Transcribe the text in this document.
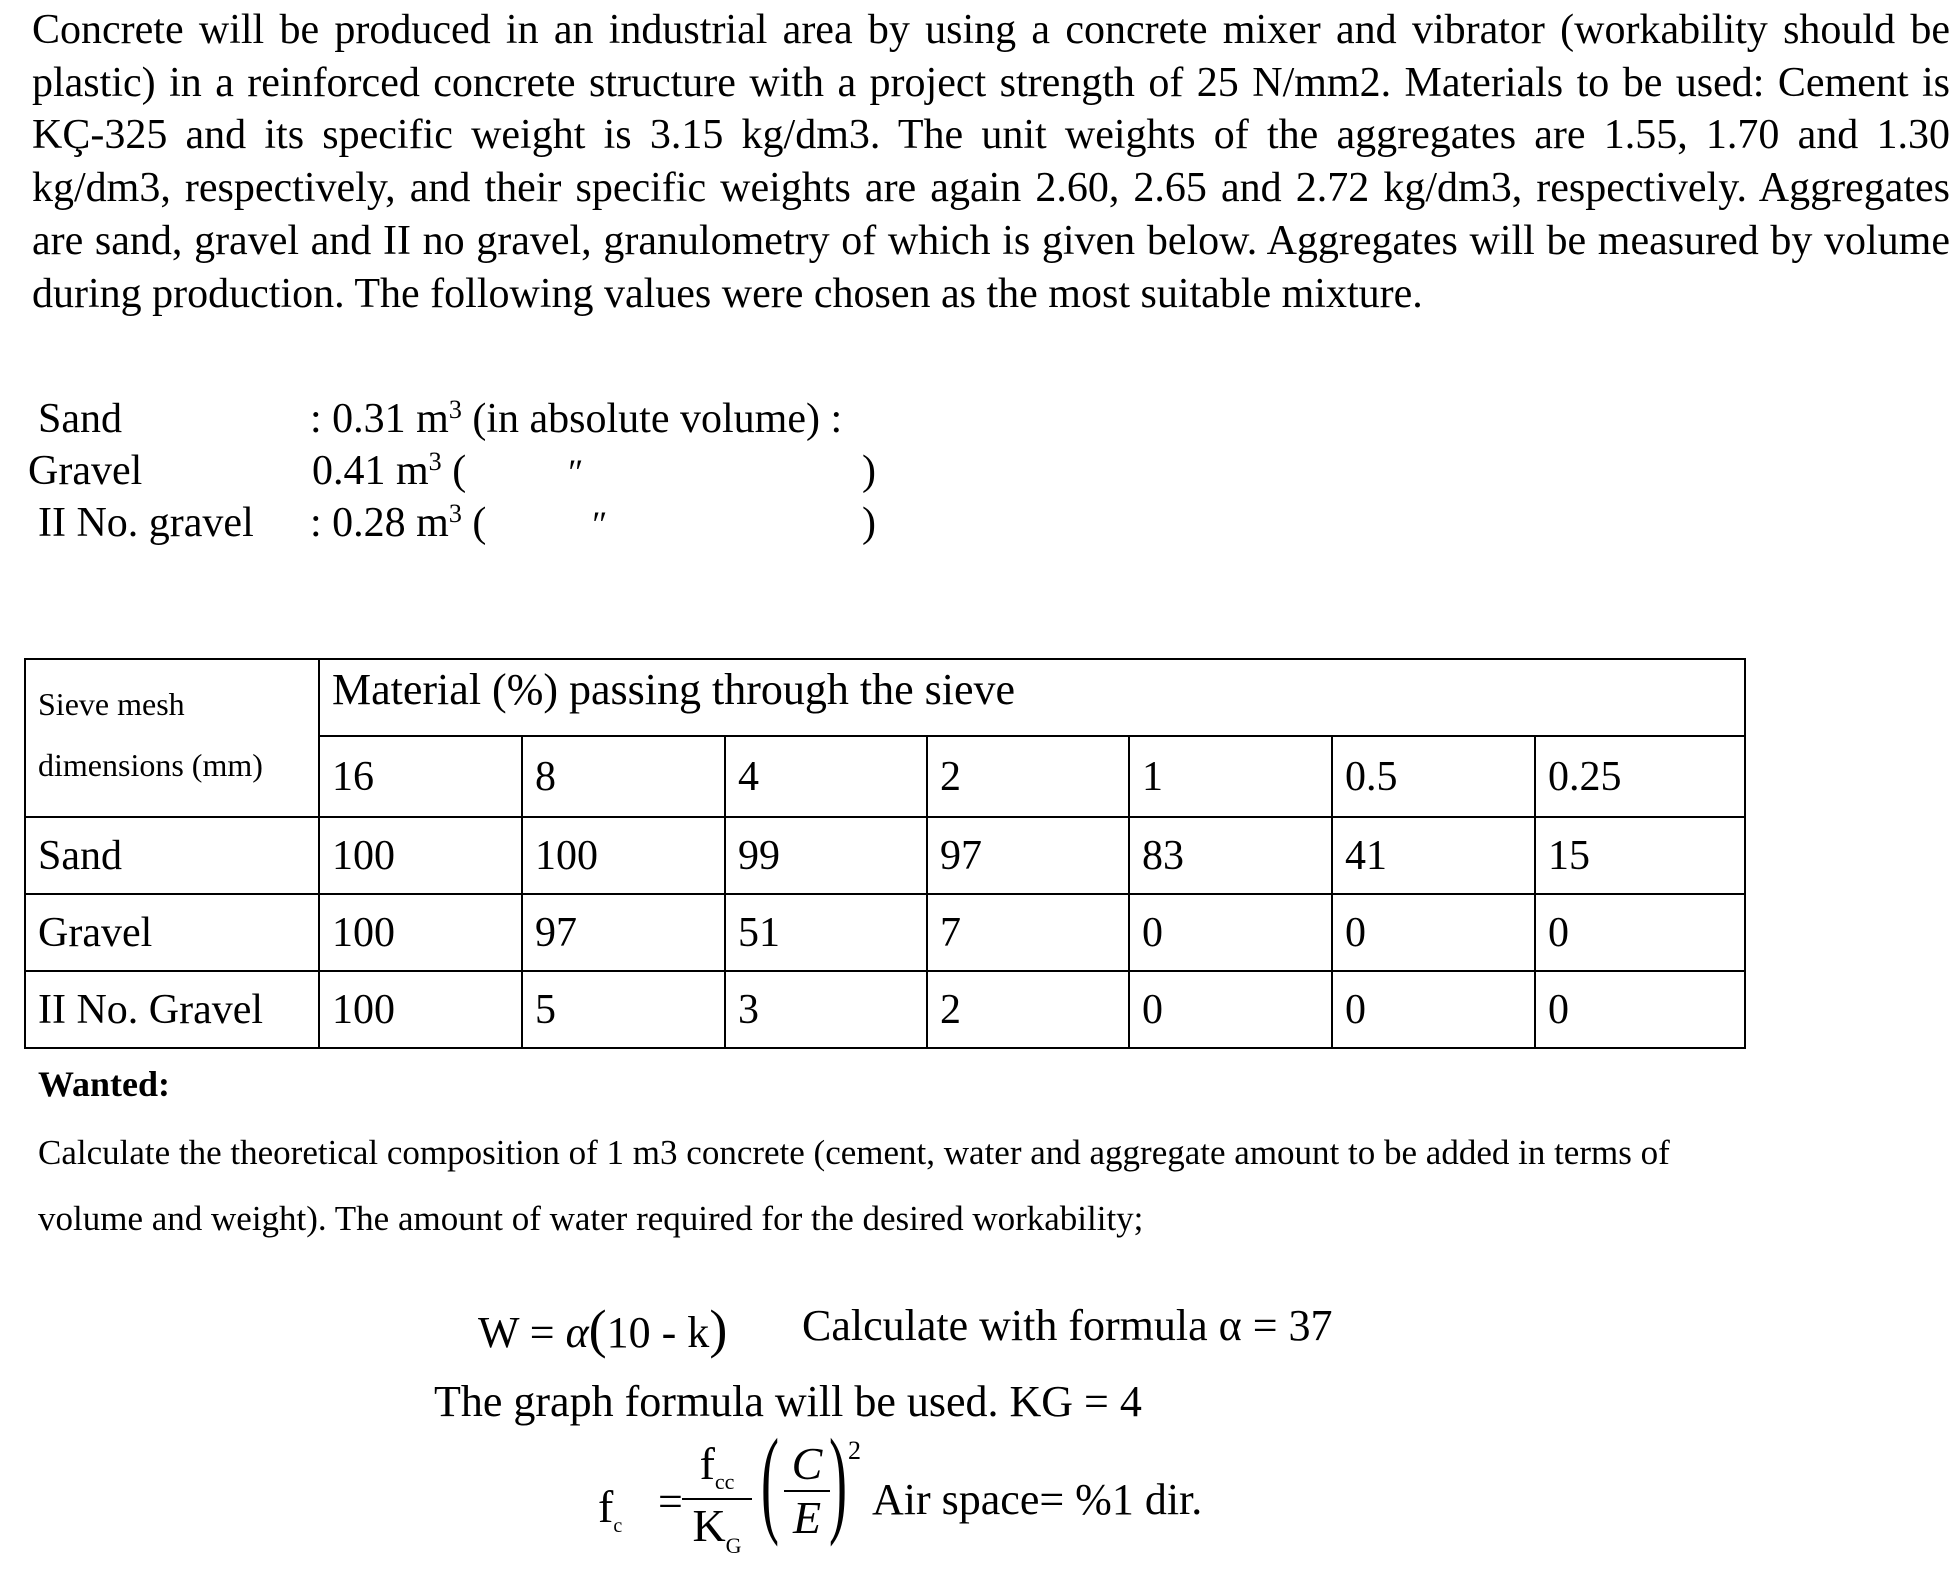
Concrete will be produced in an industrial area by using a concrete mixer and vibrator (workability should be plastic) in a reinforced concrete structure with a project strength of 25 N/mm2. Materials to be used: Cement is KÇ-325 and its specific weight is 3.15 kg/dm3. The unit weights of the aggregates are 1.55, 1.70 and 1.30 kg/dm3, respectively, and their specific weights are again 2.60, 2.65 and 2.72 kg/dm3, respectively. Aggregates are sand, gravel and II no gravel, granulometry of which is given below. Aggregates will be measured by volume during production. The following values were chosen as the most suitable mixture.
Sand	: 0.31 $m^3$ (in absolute volume) :
Gravel	0.41 $m^3$ (	″	)
II No. gravel : 0.28 $m^3$ (	″	)
Sieve mesh
dimensions (mm)	Material (%) passing through the sieve						
	16	8	4	2	1	0.5	0.25
Sand	100	100	99	97	83	41	15
Gravel	100	97	51	7	0	0	0
II No. Gravel	100	5	3	2	0	0	0
Wanted:
Calculate the theoretical composition of 1 m3 concrete (cement, water and aggregate amount to be added in terms of volume and weight). The amount of water required for the desired workability;
W = α(10 - k) Calculate with formula α = 37
The graph formula will be used. KG = 4
$f_c$ =
$f_{cc}$
$K_G$ ( C
E ) 2
Air space= %1 dir.
